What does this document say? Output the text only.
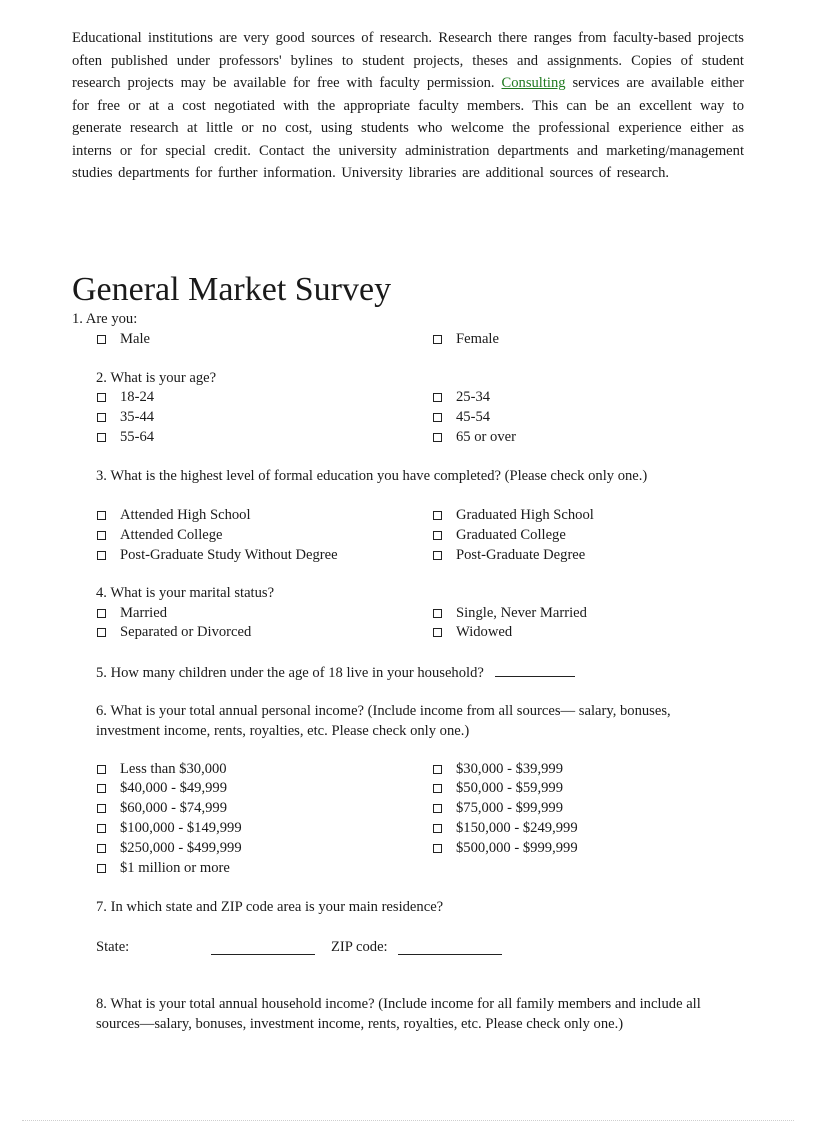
Educational institutions are very good sources of research. Research there ranges from faculty-based projects often published under professors' bylines to student projects, theses and assignments. Copies of student research projects may be available for free with faculty permission. Consulting services are available either for free or at a cost negotiated with the appropriate faculty members. This can be an excellent way to generate research at little or no cost, using students who welcome the professional experience either as interns or for special credit. Contact the university administration departments and marketing/management studies departments for further information. University libraries are additional sources of research.
General Market Survey
1. Are you:
Male	Female
2. What is your age?
18-24	25-34
35-44	45-54
55-64	65 or over
3. What is the highest level of formal education you have completed? (Please check only one.)
Attended High School	Graduated High School
Attended College	Graduated College
Post-Graduate Study Without Degree	Post-Graduate Degree
4. What is your marital status?
Married	Single, Never Married
Separated or Divorced	Widowed
5. How many children under the age of 18 live in your household?
6. What is your total annual personal income? (Include income from all sources— salary, bonuses, investment income, rents, royalties, etc. Please check only one.)
Less than $30,000	$30,000 - $39,999
$40,000 - $49,999	$50,000 - $59,999
$60,000 - $74,999	$75,000 - $99,999
$100,000 - $149,999	$150,000 - $249,999
$250,000 - $499,999	$500,000 - $999,999
$1 million or more
7. In which state and ZIP code area is your main residence?
State:	ZIP code:
8. What is your total annual household income? (Include income for all family members and include all sources—salary, bonuses, investment income, rents, royalties, etc. Please check only one.)
